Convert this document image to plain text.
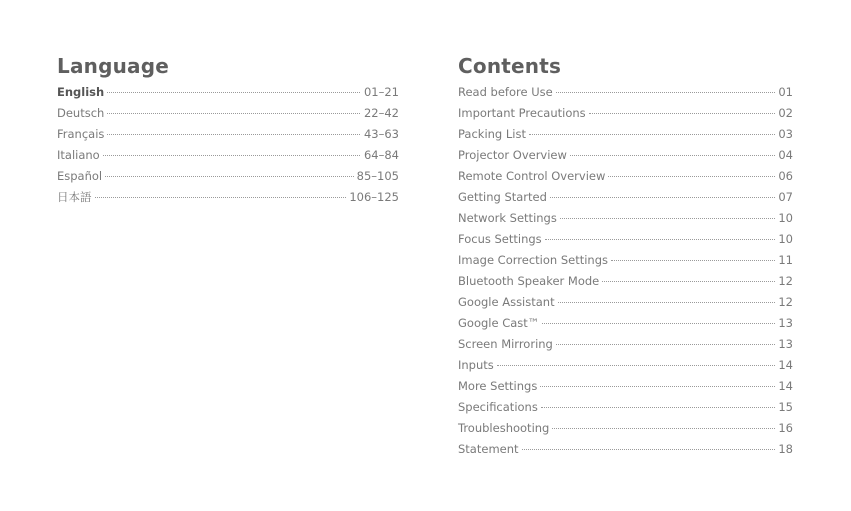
Language
English	01–21
Deutsch	22–42
Français	43–63
Italiano	64–84
Español	85–105
日本語	106–125
Contents
Read before Use	01
Important Precautions	02
Packing List	03
Projector Overview	04
Remote Control Overview	06
Getting Started	07
Network Settings	10
Focus Settings	10
Image Correction Settings	11
Bluetooth Speaker Mode	12
Google Assistant	12
Google Cast™	13
Screen Mirroring	13
Inputs	14
More Settings	14
Specifications	15
Troubleshooting	16
Statement	18
